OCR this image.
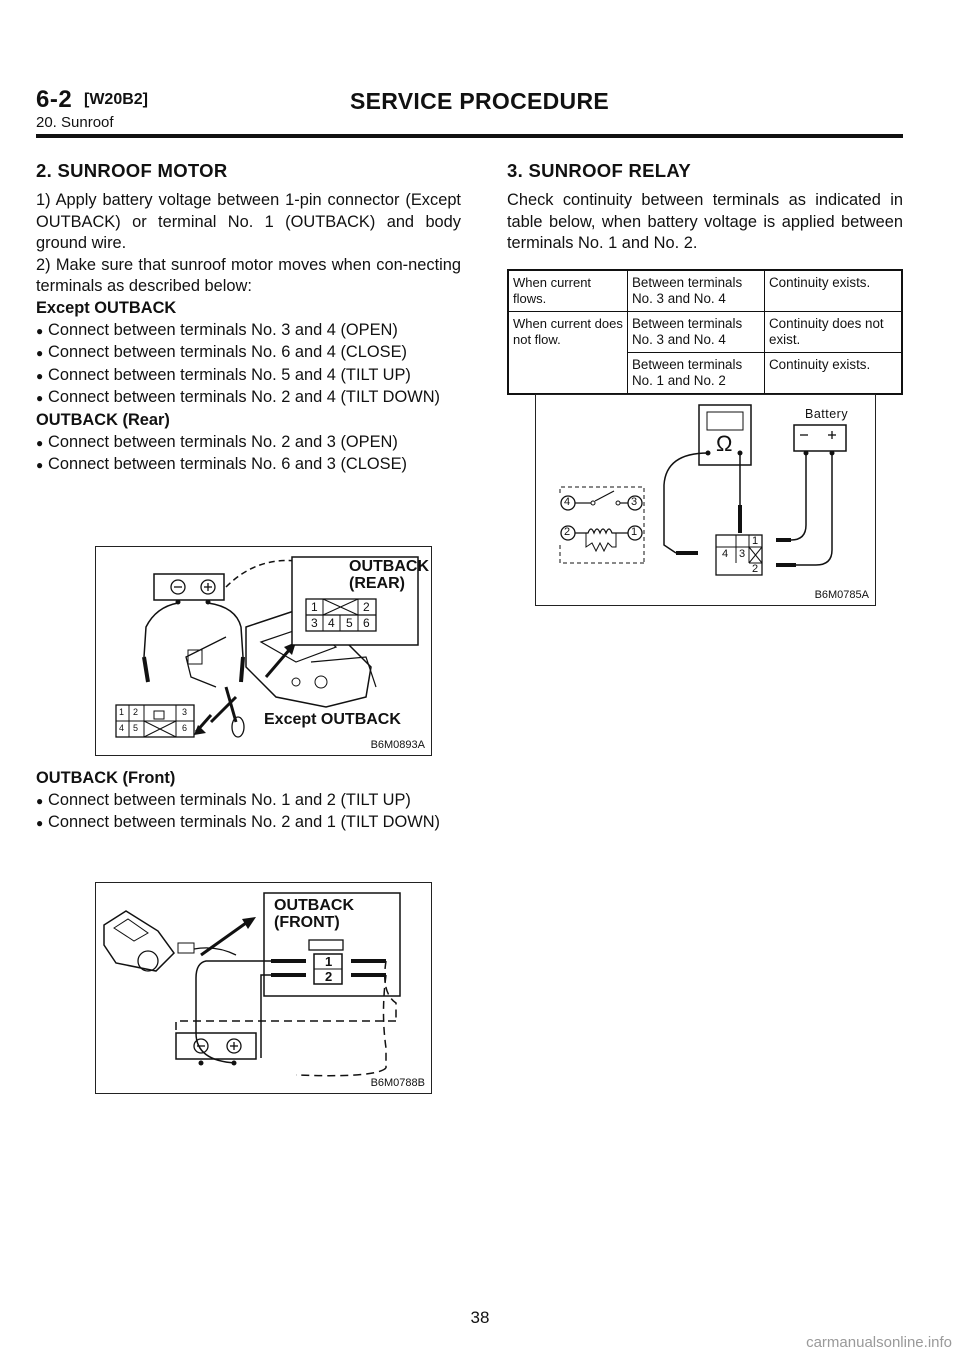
6-2 [W20B2]
20. Sunroof
SERVICE PROCEDURE
2. SUNROOF MOTOR

1) Apply battery voltage between 1-pin connector (Except OUTBACK) or terminal No. 1 (OUTBACK) and body ground wire.

2) Make sure that sunroof motor moves when con-necting terminals as described below:

Except OUTBACK

● Connect between terminals No. 3 and 4 (OPEN)

● Connect between terminals No. 6 and 4 (CLOSE)

● Connect between terminals No. 5 and 4 (TILT UP)

● Connect between terminals No. 2 and 4 (TILT DOWN)

OUTBACK (Rear)

● Connect between terminals No. 2 and 3 (OPEN)

● Connect between terminals No. 6 and 3 (CLOSE)

OUTBACK
(REAR)
1	2
3 4 5 6
1 2	3
4 5	6	Except OUTBACK
B6M0893A

OUTBACK (Front)

● Connect between terminals No. 1 and 2 (TILT UP)

● Connect between terminals No. 2 and 1 (TILT DOWN)

OUTBACK
(FRONT)
1
2
B6M0788B
3. SUNROOF RELAY

Check continuity between terminals as indicated in table below, when battery voltage is applied between terminals No. 1 and No. 2.

When current flows.	Between terminals No. 3 and No. 4	Continuity exists.
When current does not flow.	Between terminals No. 3 and No. 4	Continuity does not exist.
	Between terminals No. 1 and No. 2	Continuity exists.
Battery
Ω
4	3
2	1
1
4 3
2
B6M0785A
38
carmanualsonline.info
